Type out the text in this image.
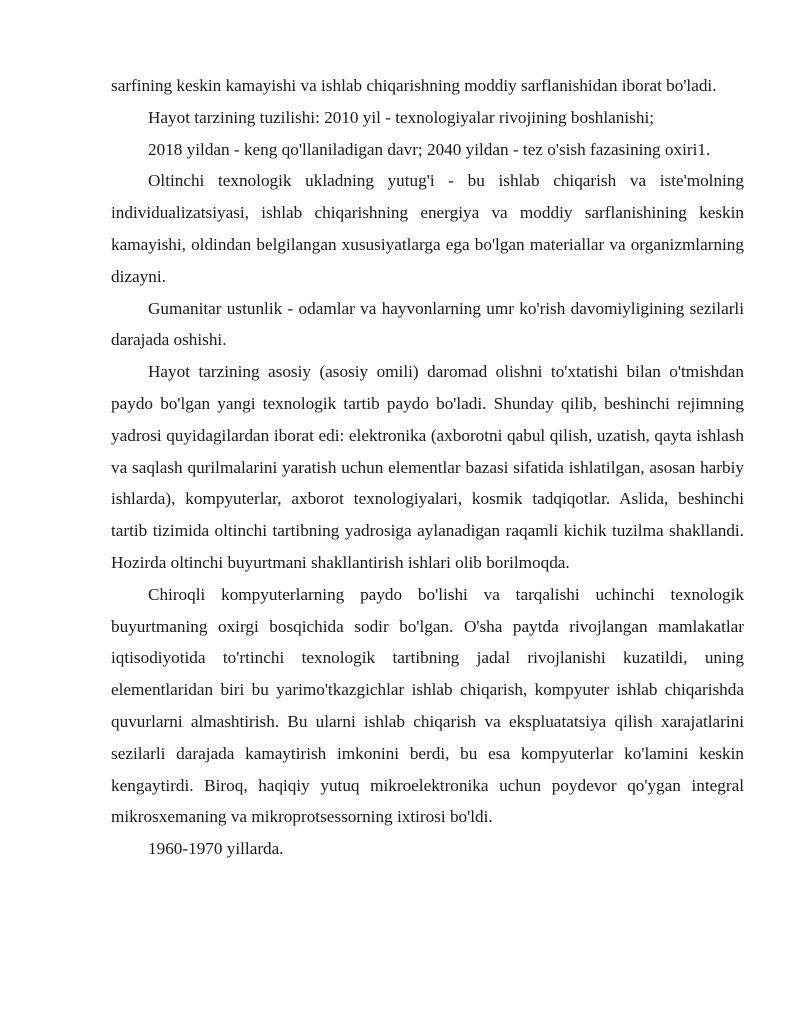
sarfining keskin kamayishi va ishlab chiqarishning moddiy sarflanishidan iborat bo'ladi.

Hayot tarzining tuzilishi: 2010 yil - texnologiyalar rivojining boshlanishi;

2018 yildan - keng qo'llaniladigan davr; 2040 yildan - tez o'sish fazasining oxiri1.

Oltinchi texnologik ukladning yutug'i - bu ishlab chiqarish va iste'molning individualizatsiyasi, ishlab chiqarishning energiya va moddiy sarflanishining keskin kamayishi, oldindan belgilangan xususiyatlarga ega bo'lgan materiallar va organizmlarning dizayni.

Gumanitar ustunlik - odamlar va hayvonlarning umr ko'rish davomiyligining sezilarli darajada oshishi.

Hayot tarzining asosiy (asosiy omili) daromad olishni to'xtatishi bilan o'tmishdan paydo bo'lgan yangi texnologik tartib paydo bo'ladi. Shunday qilib, beshinchi rejimning yadrosi quyidagilardan iborat edi: elektronika (axborotni qabul qilish, uzatish, qayta ishlash va saqlash qurilmalarini yaratish uchun elementlar bazasi sifatida ishlatilgan, asosan harbiy ishlarda), kompyuterlar, axborot texnologiyalari, kosmik tadqiqotlar. Aslida, beshinchi tartib tizimida oltinchi tartibning yadrosiga aylanadigan raqamli kichik tuzilma shakllandi. Hozirda oltinchi buyurtmani shakllantirish ishlari olib borilmoqda.

Chiroqli kompyuterlarning paydo bo'lishi va tarqalishi uchinchi texnologik buyurtmaning oxirgi bosqichida sodir bo'lgan. O'sha paytda rivojlangan mamlakatlar iqtisodiyotida to'rtinchi texnologik tartibning jadal rivojlanishi kuzatildi, uning elementlaridan biri bu yarimo'tkazgichlar ishlab chiqarish, kompyuter ishlab chiqarishda quvurlarni almashtirish. Bu ularni ishlab chiqarish va ekspluatatsiya qilish xarajatlarini sezilarli darajada kamaytirish imkonini berdi, bu esa kompyuterlar ko'lamini keskin kengaytirdi. Biroq, haqiqiy yutuq mikroelektronika uchun poydevor qo'ygan integral mikrosxemaning va mikroprotsessorning ixtirosi bo'ldi.

1960-1970 yillarda.
